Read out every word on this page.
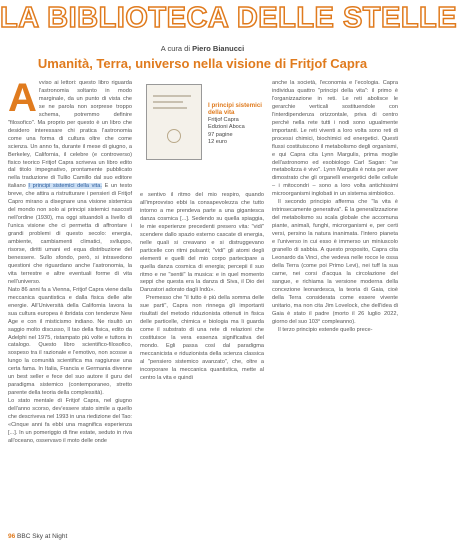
LA BIBLIOTECA DELLE STELLE
A cura di Piero Bianucci
Umanità, Terra, universo nella visione di Fritjof Capra

Avviso ai lettori: questo libro riguarda l'astronomia soltanto in modo marginale, da un punto di vista che se ne parola non sorprese troppo schema, potremmo definire "filosofico". Ma proprio per questo è un libro che desidero interessare chi pratica l'astronomia come una forma di cultura oltre che come scienza. Un anno fa, durante il mese di giugno, a Berkeley, California, il celebre (e controverso) fisico teorico Fritjof Capra scriveva un libro edito dal titolo impegnativo, prontamente pubblicato nella traduzione di Tullio Camillo dal suo editore italiano I principi sistemici della vita. E un testo breve, che attira a ristrutturare i pensieri di Fritjof Capro mirano a disegnare una visione sistemica del mondo non solo ai principi sistemici nascosti nell'ordine (1930), ma oggi situandoli a livello di l'unica visione che ci permetta di affrontare i grandi problemi di questo secolo: energia, ambiente, cambiamenti climatici, sviluppo, risorse, diritti umani ed equa distribuzione del benessere. Sullo sfondo, però, si intravedono questioni che riguardano anche l'astronomia, la vita terrestre e altre eventuali forme di vita nell'universo.

Nato 86 anni fa a Vienna, Fritjof Capra viene dalla meccanica quantistica e dalla fisica delle alte energie. All'Università della California lavora la sua cultura europea è ibridata con tendenze New Age e con il misticismo indiano. Ne risultò un saggio molto discusso, Il tao della fisica, edito da Adelphi nel 1975, ristampato più volte e tuttora in catalogo. Questo libro scientifico-filosofico, sospeso tra il razionale e l'emotivo, non scosse a lungo la comunità scientifica ma raggiunse una certa fama. In Italia, Francia e Germania divenne un best seller e fece del suo autore il guru del paradigma sistemico (contemporaneo, stretto parente della teoria della complessità).

Lo stato mentale di Fritjof Capra, nel giugno dell'anno scorso, dev'essere stato simile a quello che descriveva nel 1993 in una riedizione del Tao: «Cinque anni fa ebbi una magnifica esperienza [...]. In un pomeriggio di fine estate, seduto in riva all'oceano, osservavo il moto delle onde

I principi sistemici
della vita
Fritjof Capra
Edizioni Aboca
97 pagine
12 euro

e sentivo il ritmo del mio respiro, quando all'improvviso ebbi la consapevolezza che tutto intorno a me prendeva parte a una gigantesca danza cosmica [...]. Sedendo su quella spiaggia, le mie esperienze precedenti presero vita: "vidi" scendere dallo spazio esterno cascate di energia, nelle quali si creavano e si distruggevano particelle con ritmi pulsanti; "vidi" gli atomi degli elementi e quelli del mio corpo partecipare a quella danza cosmica di energia; percepii il suo ritmo e ne "sentii" la musica: e in quel momento seppi che questa era la danza di Siva, il Dio dei Danzatori adorato dagli Indù».

Premesso che "il tutto è più della somma delle sue parti", Capra non rinnega gli importanti risultati del metodo riduzionista ottenuti in fisica delle particelle, chimica e biologia ma li guarda come il substrato di una rete di relazioni che costituisce la vera essenza significativa del mondo. Egli passa così dal paradigma meccanicista e riduzionista della scienza classica al "pensiero sistemico avanzato", che, oltre a incorporare la meccanica quantistica, mette al centro la vita e quindi

anche la società, l'economia e l'ecologia. Capra individua quattro "principi della vita": il primo è l'organizzazione in reti. Le reti abolisce le gerarchie verticali sostituendole con l'interdipendenza orizzontale, priva di centro perché nella rete tutti i nodi sono ugualmente importanti. Le reti viventi a loro volta sono reti di processi chimici, biochimici ed energetici. Questi flussi costituiscono il metabolismo degli organismi, e qui Capra cita Lynn Margulis, prima moglie dell'astronomo ed esobiologo Carl Sagan: "se metabolizza è vivo". Lynn Margulis è nota per aver dimostrato che gli organelli energetici delle cellule – i mitocondri – sono a loro volta antichissimi microorganismi inglobati in un sistema simbiotico.

Il secondo principio afferma che "la vita è intrinsecamente generativa". È la generalizzazione del metabolismo su scala globale che accomuna piante, animali, funghi, microrganismi e, per certi versi, persino la natura inanimata. l'intero pianeta e l'universo in cui esso è immerso un miniuscolo granello di sabbia. A questo proposito, Capra cita Leonardo da Vinci, che vedeva nelle rocce le ossa della Terra (come poi Primo Levi), nei tuff la sua carne, nei corsi d'acqua la circolazione del sangue, e richiama la versione moderna della concezione leonardesca, la teoria di Gaia, cioè della Terra considerata come essere vivente unitario, ma non cita Jim Lovelock, che dell'idea di Gaia è stato il padre (morto il 26 luglio 2022, giorno del suo 103° compleanno).

Il terzo principio estende quello prece-

96 BBC Sky at Night
